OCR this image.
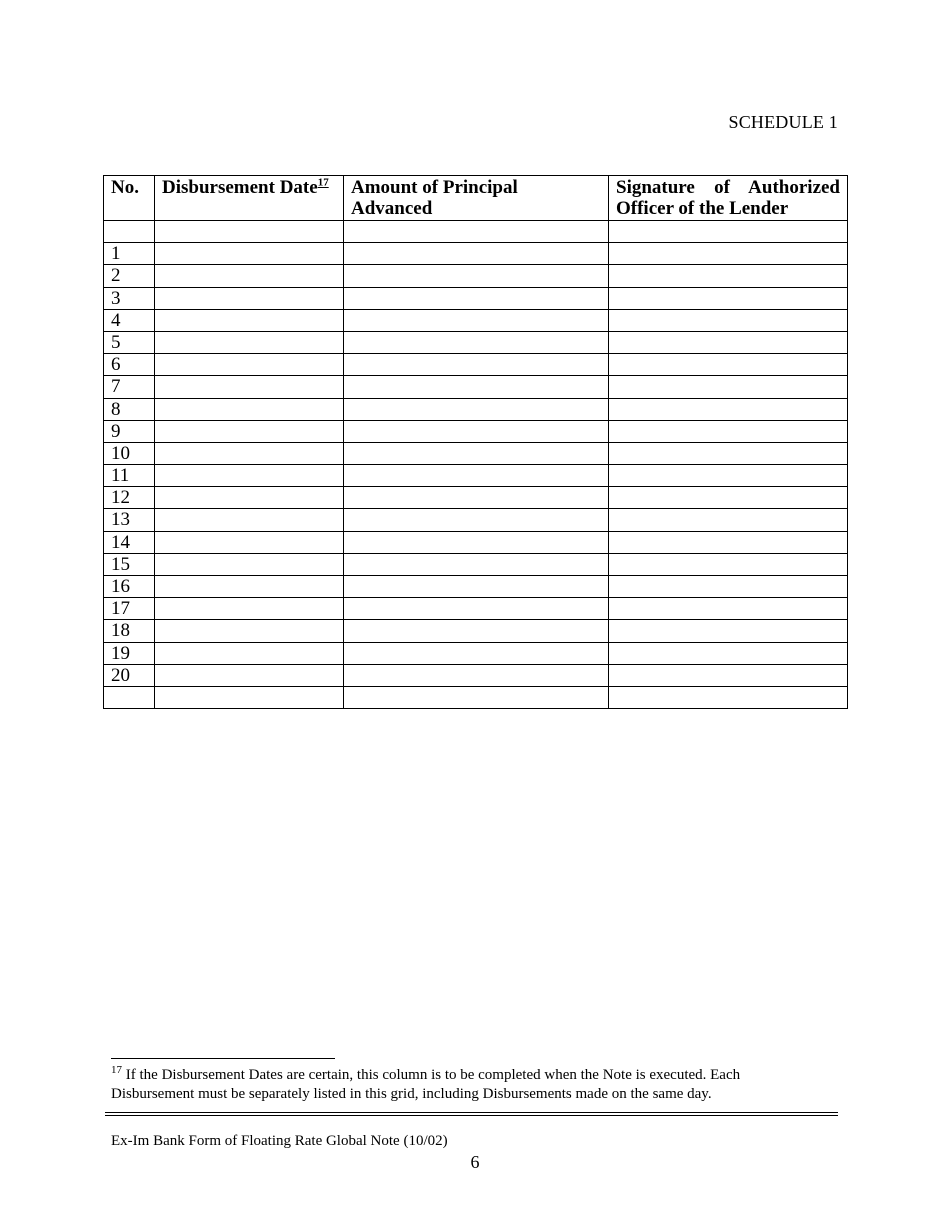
SCHEDULE 1
No.	Disbursement Date$^{17}$	Amount of Principal Advanced	Signature of Authorized
Officer of the Lender

1			
2			
3			
4			
5			
6			
7			
8			
9			
10			
11			
12			
13			
14			
15			
16			
17			
18			
19			
20			

$^{17}$ If the Disbursement Dates are certain, this column is to be completed when the Note is executed. Each Disbursement must be separately listed in this grid, including Disbursements made on the same day.
Ex-Im Bank Form of Floating Rate Global Note (10/02)
6
